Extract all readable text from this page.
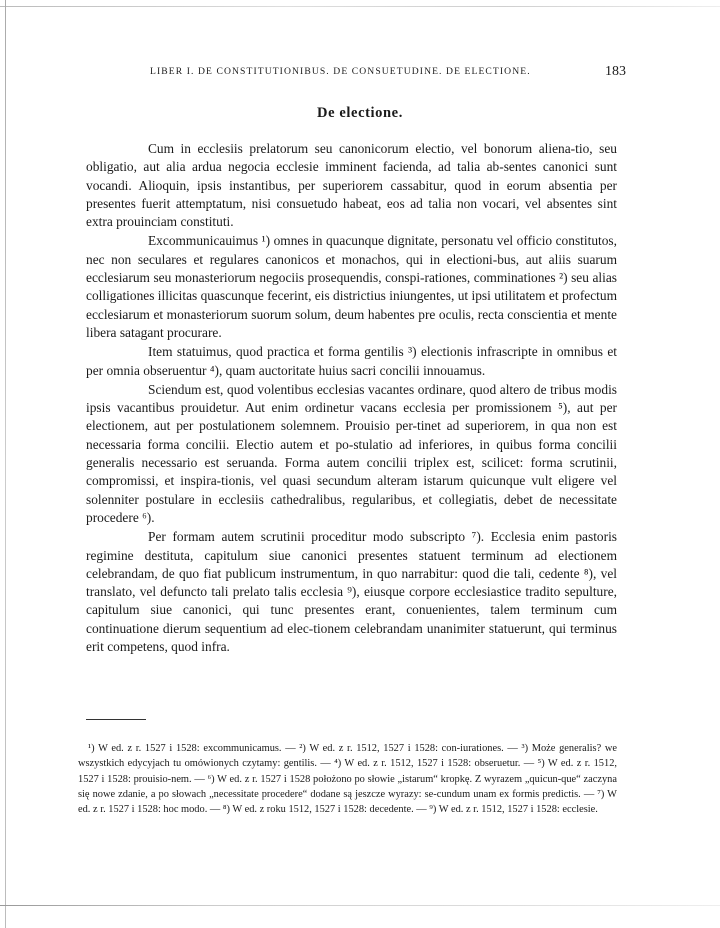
LIBER I. DE CONSTITUTIONIBUS. DE CONSUETUDINE. DE ELECTIONE.	183
De electione.

Cum in ecclesiis prelatorum seu canonicorum electio, vel bonorum aliena-tio, seu obligatio, aut alia ardua negocia ecclesie imminent facienda, ad talia ab-sentes canonici sunt vocandi. Alioquin, ipsis instantibus, per superiorem cassabitur, quod in eorum absentia per presentes fuerit attemptatum, nisi consuetudo habeat, eos ad talia non vocari, vel absentes sint extra prouinciam constituti.

Excommunicauimus ¹) omnes in quacunque dignitate, personatu vel officio constitutos, nec non seculares et regulares canonicos et monachos, qui in electioni-bus, aut aliis suarum ecclesiarum seu monasteriorum negociis prosequendis, conspi-rationes, comminationes ²) seu alias colligationes illicitas quascunque fecerint, eis districtius iniungentes, ut ipsi utilitatem et profectum ecclesiarum et monasteriorum suorum solum, deum habentes pre oculis, recta conscientia et mente libera satagant procurare.

Item statuimus, quod practica et forma gentilis ³) electionis infrascripte in omnibus et per omnia obseruentur ⁴), quam auctoritate huius sacri concilii innouamus.

Sciendum est, quod volentibus ecclesias vacantes ordinare, quod altero de tribus modis ipsis vacantibus prouidetur. Aut enim ordinetur vacans ecclesia per promissionem ⁵), aut per electionem, aut per postulationem solemnem. Prouisio per-tinet ad superiorem, in qua non est necessaria forma concilii. Electio autem et po-stulatio ad inferiores, in quibus forma concilii generalis necessario est seruanda. Forma autem concilii triplex est, scilicet: forma scrutinii, compromissi, et inspira-tionis, vel quasi secundum alteram istarum quicunque vult eligere vel solenniter postulare in ecclesiis cathedralibus, regularibus, et collegiatis, debet de necessitate procedere ⁶).

Per formam autem scrutinii proceditur modo subscripto ⁷). Ecclesia enim pastoris regimine destituta, capitulum siue canonici presentes statuent terminum ad electionem celebrandam, de quo fiat publicum instrumentum, in quo narrabitur: quod die tali, cedente ⁸), vel translato, vel defuncto tali prelato talis ecclesia ⁹), eiusque corpore ecclesiastice tradito sepulture, capitulum siue canonici, qui tunc presentes erant, conuenientes, talem terminum cum continuatione dierum sequentium ad elec-tionem celebrandam unanimiter statuerunt, qui terminus erit competens, quod infra.

¹) W ed. z r. 1527 i 1528: excommunicamus. — ²) W ed. z r. 1512, 1527 i 1528: con-iurationes. — ³) Może generalis? we wszystkich edycyjach tu omówionych czytamy: gentilis. — ⁴) W ed. z r. 1512, 1527 i 1528: obseruetur. — ⁵) W ed. z r. 1512, 1527 i 1528: prouisio-nem. — ⁶) W ed. z r. 1527 i 1528 położono po słowie „istarum“ kropkę. Z wyrazem „quicun-que“ zaczyna się nowe zdanie, a po słowach „necessitate procedere“ dodane są jeszcze wyrazy: se-cundum unam ex formis predictis. — ⁷) W ed. z r. 1527 i 1528: hoc modo. — ⁸) W ed. z roku 1512, 1527 i 1528: decedente. — ⁹) W ed. z r. 1512, 1527 i 1528: ecclesie.
